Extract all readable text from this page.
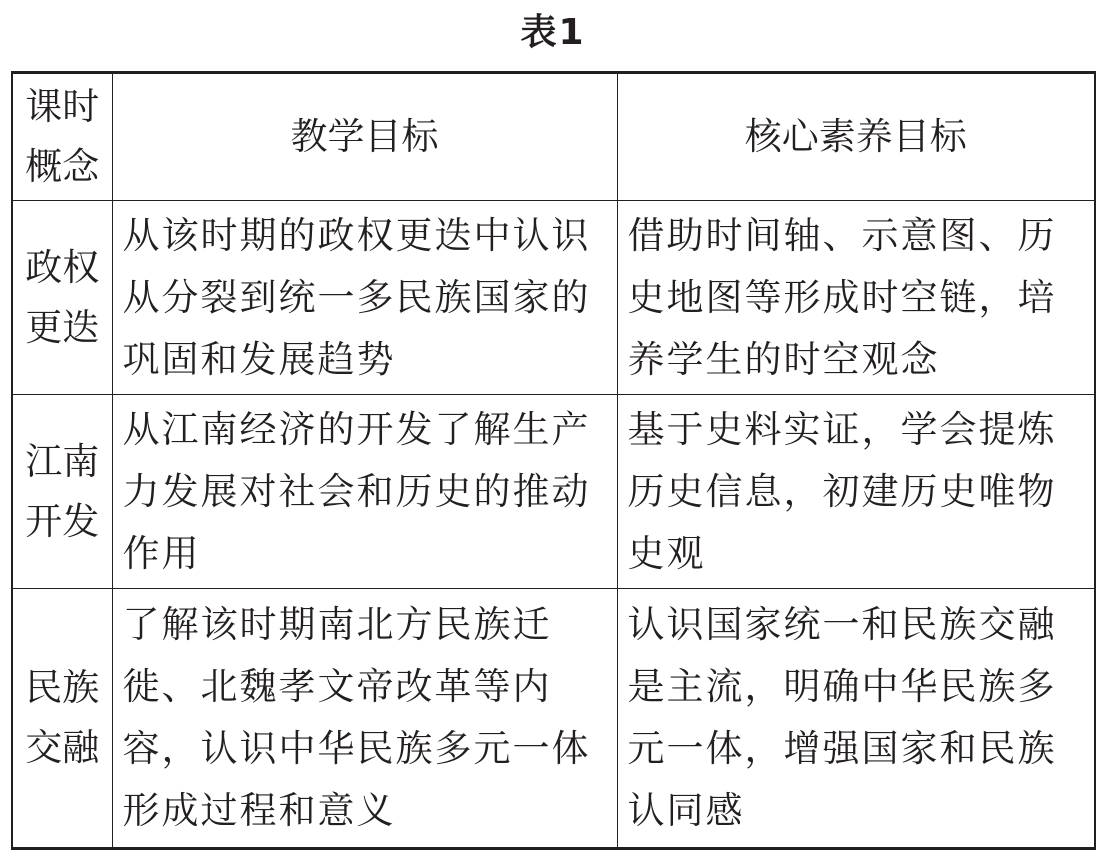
表1
课时
概念	教学目标	核心素养目标

政权
更迭	从该时期的政权更迭中认识从分裂到统一多民族国家的巩固和发展趋势	借助时间轴、示意图、历史地图等形成时空链，培养学生的时空观念

江南
开发	从江南经济的开发了解生产力发展对社会和历史的推动作用	基于史料实证，学会提炼历史信息，初建历史唯物史观

民族
交融	了解该时期南北方民族迁徙、北魏孝文帝改革等内容，认识中华民族多元一体形成过程和意义	认识国家统一和民族交融是主流，明确中华民族多元一体，增强国家和民族认同感
